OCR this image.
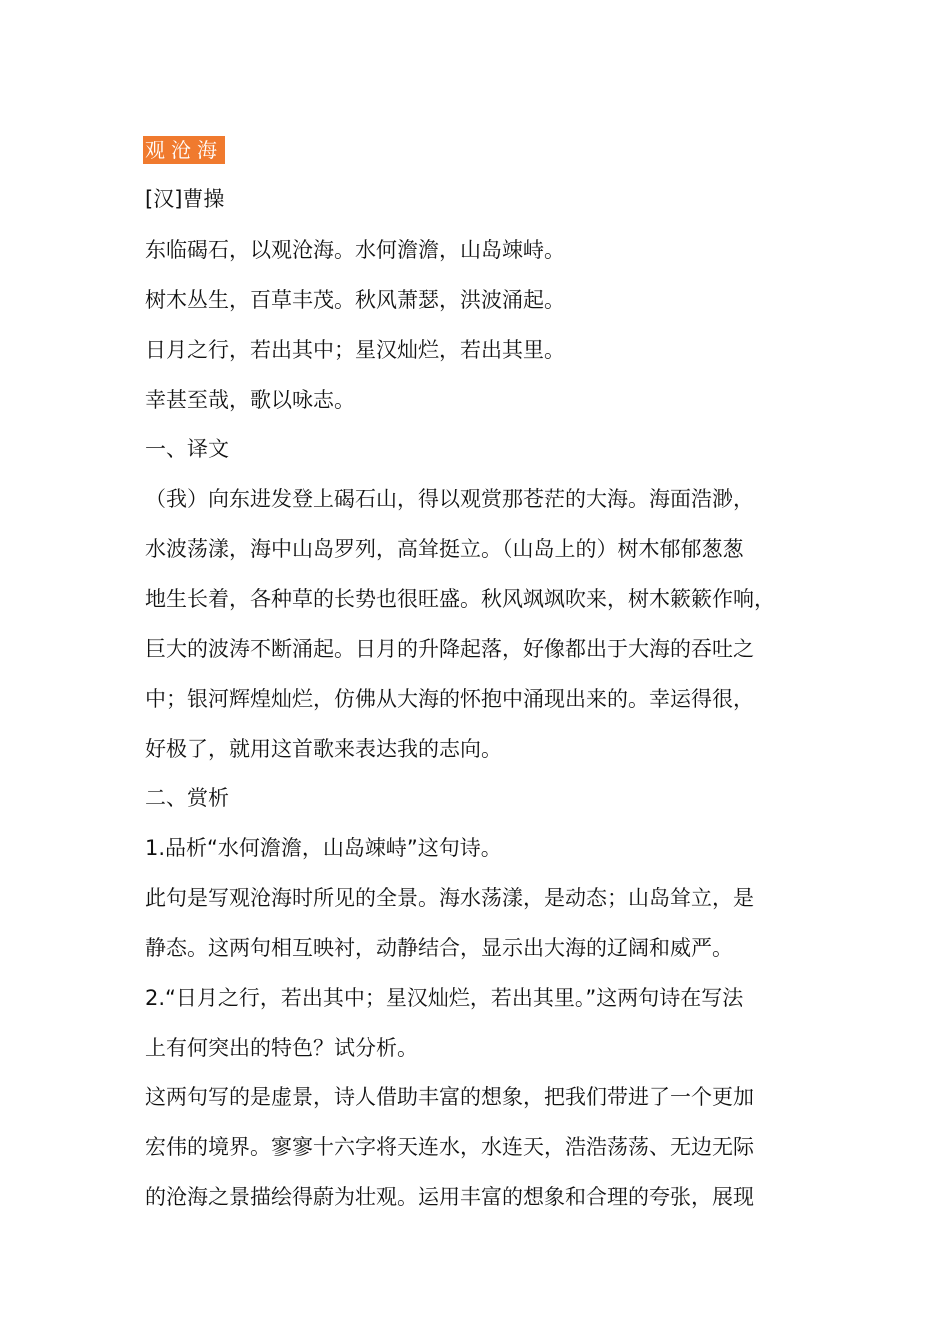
观沧海
[汉]曹操
东临碣石，以观沧海。水何澹澹，山岛竦峙。
树木丛生，百草丰茂。秋风萧瑟，洪波涌起。
日月之行，若出其中；星汉灿烂，若出其里。
幸甚至哉，歌以咏志。
一、译文
（我）向东进发登上碣石山，得以观赏那苍茫的大海。海面浩渺，
水波荡漾，海中山岛罗列，高耸挺立。（山岛上的）树木郁郁葱葱
地生长着，各种草的长势也很旺盛。秋风飒飒吹来，树木簌簌作响，
巨大的波涛不断涌起。日月的升降起落，好像都出于大海的吞吐之
中；银河辉煌灿烂，仿佛从大海的怀抱中涌现出来的。幸运得很，
好极了，就用这首歌来表达我的志向。
二、赏析
1.品析“水何澹澹，山岛竦峙”这句诗。
此句是写观沧海时所见的全景。海水荡漾，是动态；山岛耸立，是
静态。这两句相互映衬，动静结合，显示出大海的辽阔和威严。
2.“日月之行，若出其中；星汉灿烂，若出其里。”这两句诗在写法
上有何突出的特色？试分析。
这两句写的是虚景，诗人借助丰富的想象，把我们带进了一个更加
宏伟的境界。寥寥十六字将天连水，水连天，浩浩荡荡、无边无际
的沧海之景描绘得蔚为壮观。运用丰富的想象和合理的夸张，展现
